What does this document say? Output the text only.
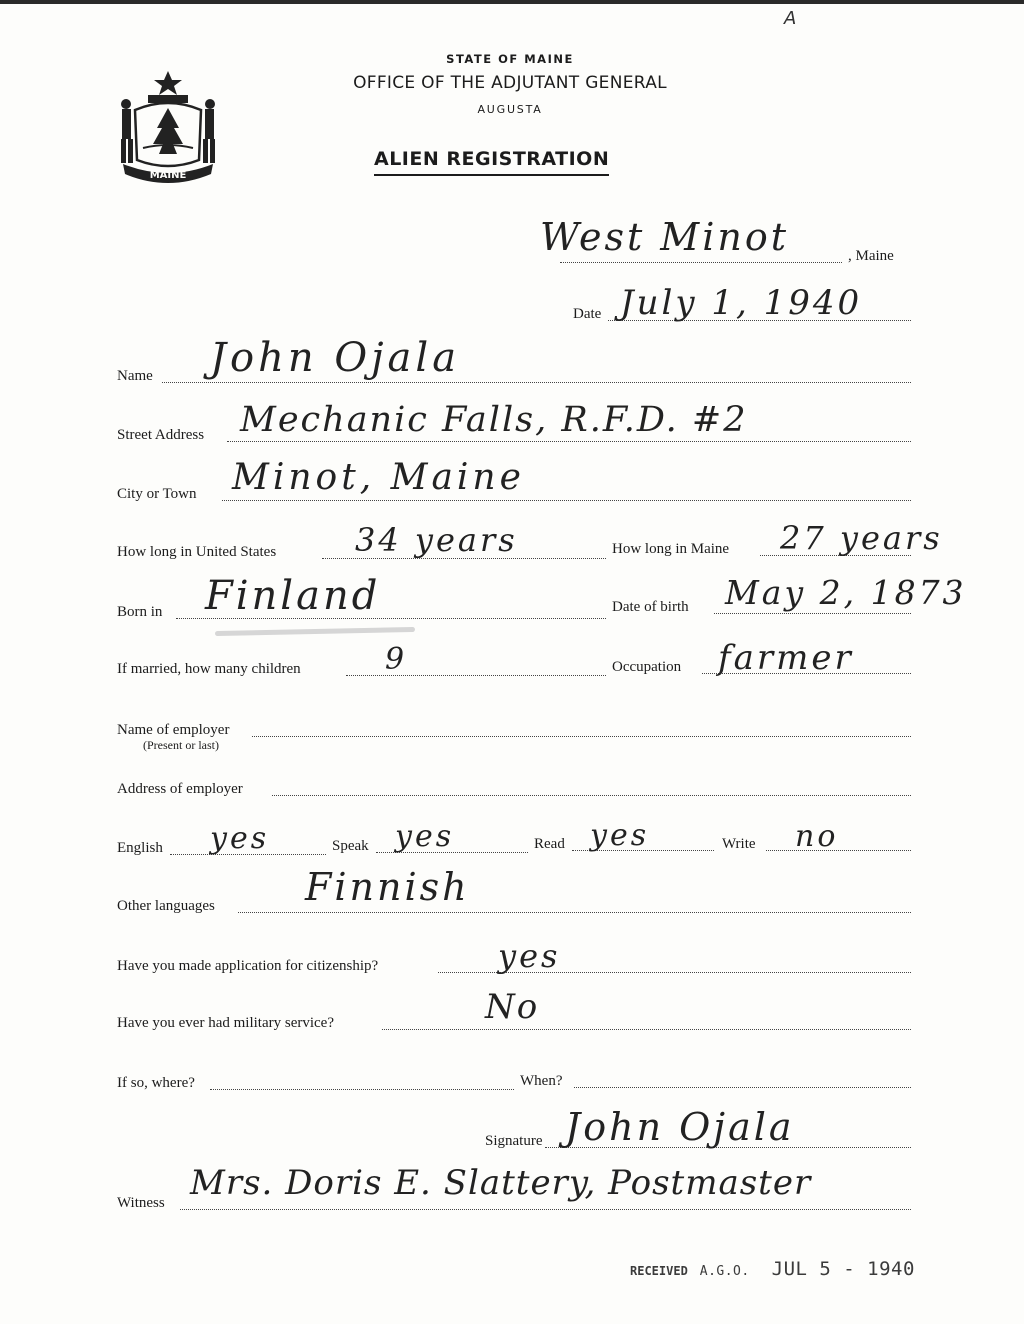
A
MAINE
STATE OF MAINE
OFFICE OF THE ADJUTANT GENERAL
AUGUSTA
ALIEN REGISTRATION
West Minot	, Maine
Date July 1, 1940
Name John Ojala
Street Address Mechanic Falls, R.F.D. #2
City or Town Minot, Maine
How long in United States 34 years	How long in Maine 27 years
Born in Finland	Date of birth May 2, 1873
If married, how many children	9	Occupation farmer
Name of employer
(Present or last)
Address of employer
English yes	Speak yes	Read yes	Write no
Other languages Finnish
Have you made application for citizenship?	yes
Have you ever had military service?	No
If so, where?	When?
Signature John Ojala
Witness Mrs. Doris E. Slattery, Postmaster
RECEIVED A.G.O. JUL 5 - 1940
